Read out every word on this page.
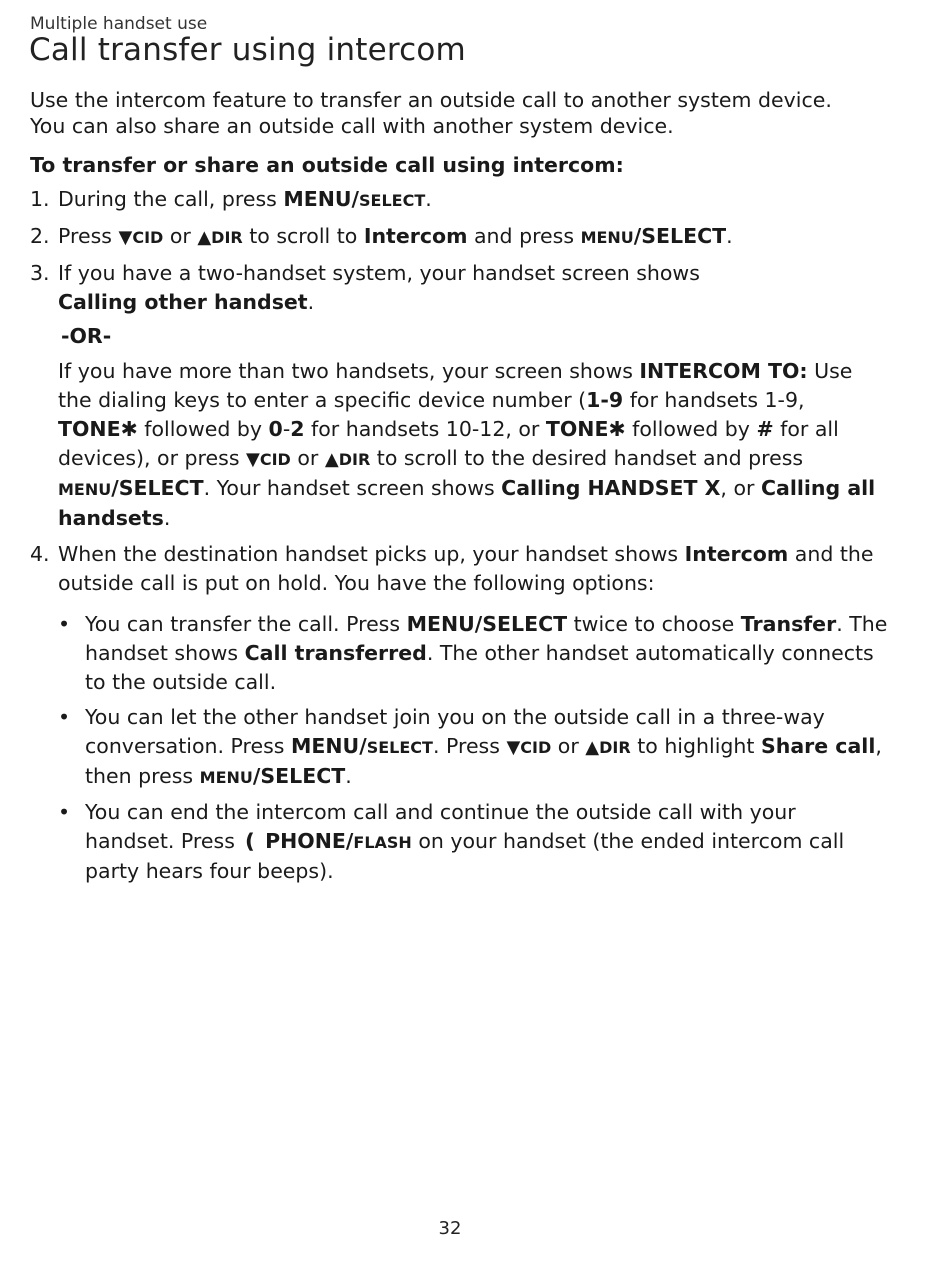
Multiple handset use
Call transfer using intercom

Use the intercom feature to transfer an outside call to another system device.
You can also share an outside call with another system device.

To transfer or share an outside call using intercom:

1. During the call, press MENU/SELECT.
2. Press ▼CID or ▲DIR to scroll to Intercom and press MENU/SELECT.
3. If you have a two-handset system, your handset screen shows
Calling other handset.
-OR-
If you have more than two handsets, your screen shows INTERCOM TO: Use the dialing keys to enter a specific device number (1-9 for handsets 1-9, TONE✱ followed by 0-2 for handsets 10-12, or TONE✱ followed by # for all devices), or press ▼CID or ▲DIR to scroll to the desired handset and press MENU/SELECT. Your handset screen shows Calling HANDSET X, or Calling all handsets.
4. When the destination handset picks up, your handset shows Intercom and the outside call is put on hold. You have the following options:
• You can transfer the call. Press MENU/SELECT twice to choose Transfer. The handset shows Call transferred. The other handset automatically connects to the outside call.
• You can let the other handset join you on the outside call in a three-way conversation. Press MENU/SELECT. Press ▼CID or ▲DIR to highlight Share call, then press MENU/SELECT.
• You can end the intercom call and continue the outside call with your handset. Press ❪ PHONE/FLASH on your handset (the ended intercom call party hears four beeps).
32
